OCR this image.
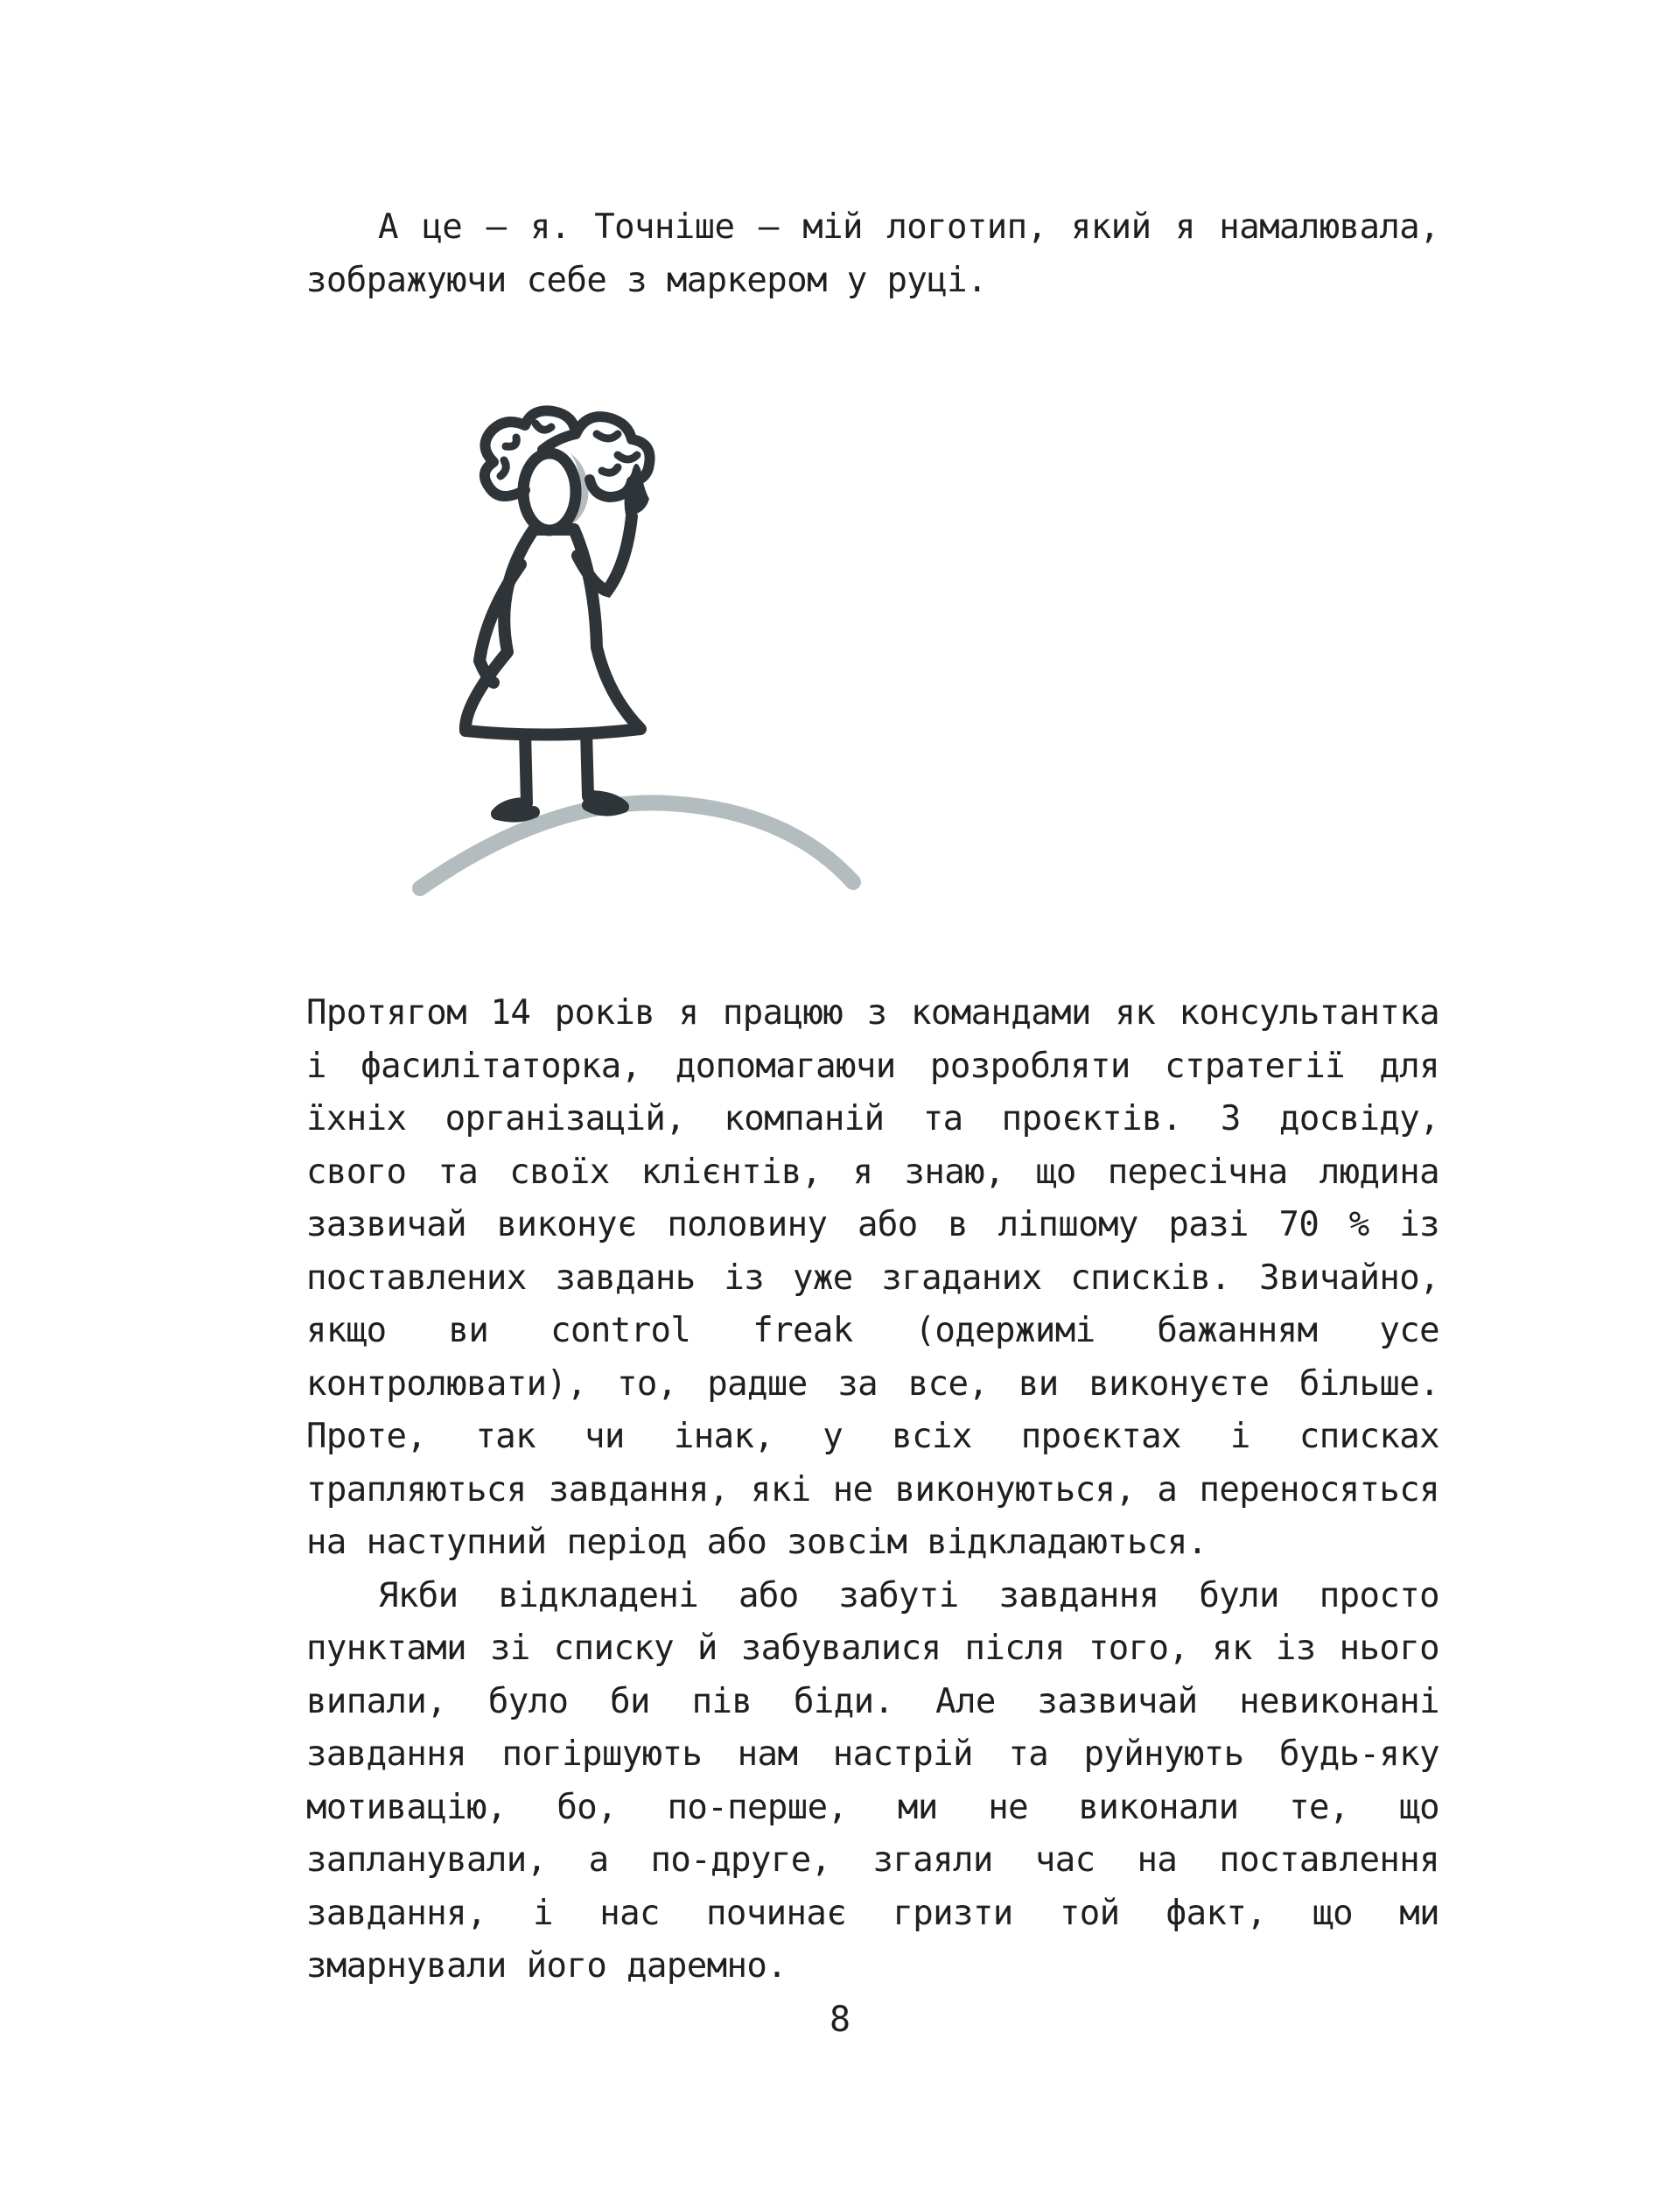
А це — я. Точніше — мій логотип, який я намалювала, зображуючи себе з маркером у руці.

Протягом 14 років я працюю з командами як консультантка і фасилітаторка, допомагаючи розробляти стратегії для їхніх організацій, компаній та проєктів. З досвіду, свого та своїх клієнтів, я знаю, що пересічна людина зазвичай виконує половину або в ліпшому разі 70 % із поставлених завдань із уже згаданих списків. Звичайно, якщо ви control freak (одержимі бажанням усе контролювати), то, радше за все, ви виконуєте більше. Проте, так чи інак, у всіх проєктах і списках трапляються завдання, які не виконуються, а переносяться на наступний період або зовсім відкладаються.

Якби відкладені або забуті завдання були просто пунктами зі списку й забувалися після того, як із нього випали, було би пів біди. Але зазвичай невиконані завдання погіршують нам настрій та руйнують будь-яку мотивацію, бо, по-перше, ми не виконали те, що запланували, а по-друге, згаяли час на поставлення завдання, і нас починає гризти той факт, що ми змарнували його даремно.

8
